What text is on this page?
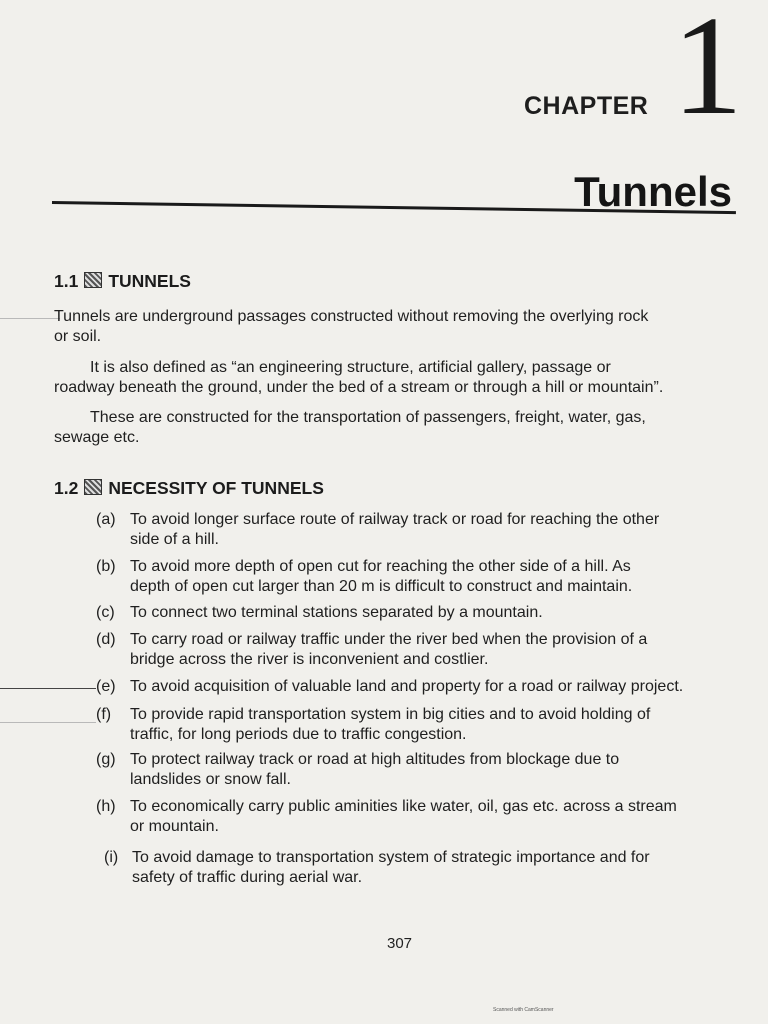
CHAPTER 1
Tunnels
1.1 TUNNELS
Tunnels are underground passages constructed without removing the overlying rock
or soil.
It is also defined as “an engineering structure, artificial gallery, passage or
roadway beneath the ground, under the bed of a stream or through a hill or mountain”.
These are constructed for the transportation of passengers, freight, water, gas,
sewage etc.
1.2 NECESSITY OF TUNNELS
(a) To avoid longer surface route of railway track or road for reaching the other
side of a hill.
(b) To avoid more depth of open cut for reaching the other side of a hill. As
depth of open cut larger than 20 m is difficult to construct and maintain.
(c) To connect two terminal stations separated by a mountain.
(d) To carry road or railway traffic under the river bed when the provision of a
bridge across the river is inconvenient and costlier.
(e) To avoid acquisition of valuable land and property for a road or railway project.
(f)	To provide rapid transportation system in big cities and to avoid holding of
traffic, for long periods due to traffic congestion.
(g) To protect railway track or road at high altitudes from blockage due to
landslides or snow fall.
(h) To economically carry public aminities like water, oil, gas etc. across a stream
or mountain.
(i) To avoid damage to transportation system of strategic importance and for
safety of traffic during aerial war.
307
Scanned with CamScanner
